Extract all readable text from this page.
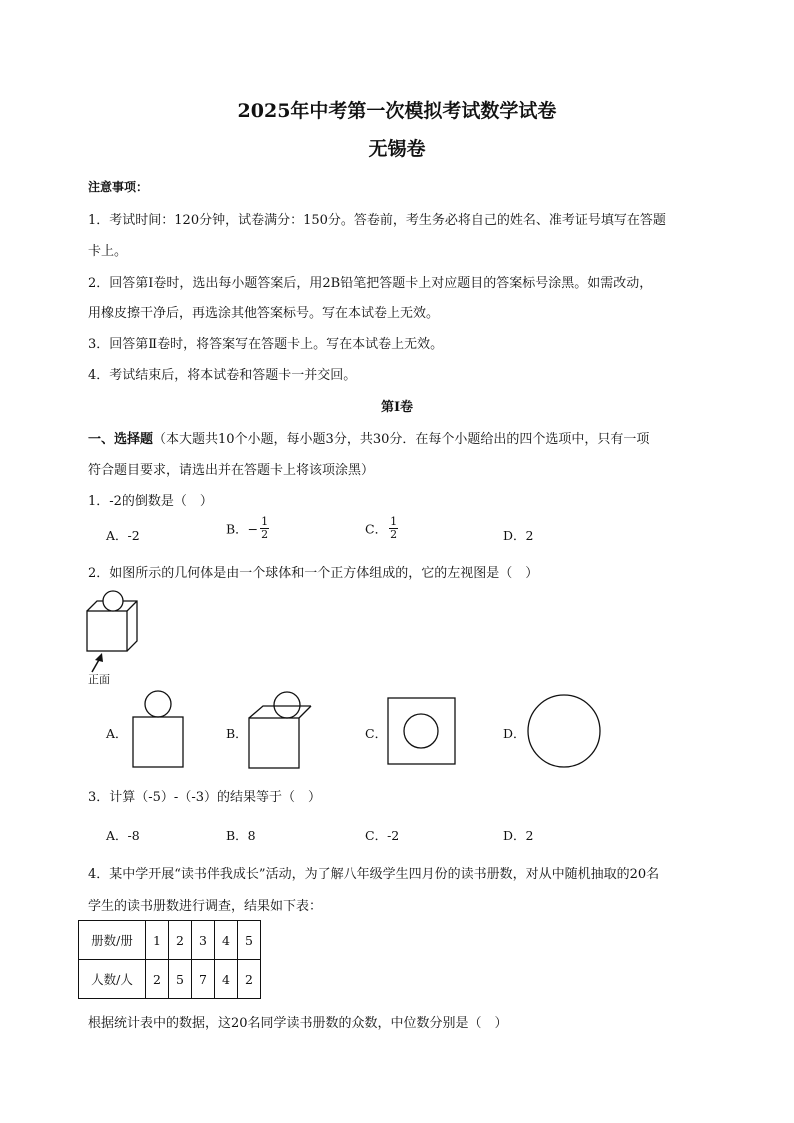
2025年中考第一次模拟考试数学试卷
无锡卷
注意事项：
1．考试时间：120分钟，试卷满分：150分。答卷前，考生务必将自己的姓名、准考证号填写在答题
卡上。
2．回答第Ⅰ卷时，选出每小题答案后，用2B铅笔把答题卡上对应题目的答案标号涂黑。如需改动，
用橡皮擦干净后，再选涂其他答案标号。写在本试卷上无效。
3．回答第Ⅱ卷时，将答案写在答题卡上。写在本试卷上无效。
4．考试结束后，将本试卷和答题卡一并交回。
第Ⅰ卷
一、选择题（本大题共10个小题，每小题3分，共30分．在每个小题给出的四个选项中，只有一项
符合题目要求，请选出并在答题卡上将该项涂黑）
1．-2的倒数是（　）
A．-2	B．− $\frac{1}{2}$	C． $\frac{1}{2}$	D．2
2．如图所示的几何体是由一个球体和一个正方体组成的，它的左视图是（　）
正面
A．	B．	C．	D．
3．计算（-5）-（-3）的结果等于（　）
A．-8	B．8	C．-2	D．2
4．某中学开展“读书伴我成长”活动，为了解八年级学生四月份的读书册数，对从中随机抽取的20名
学生的读书册数进行调查，结果如下表：
册数/册	1	2	3	4	5
人数/人	2	5	7	4	2
根据统计表中的数据，这20名同学读书册数的众数，中位数分别是（　）
